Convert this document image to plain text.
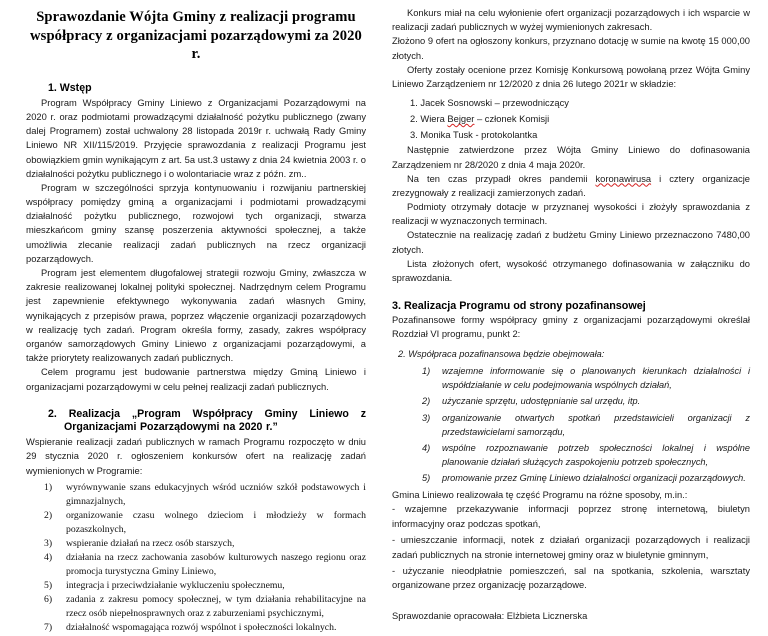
Sprawozdanie Wójta Gminy z realizacji programu współpracy z organizacjami pozarządowymi za 2020 r.
1. Wstęp

Program Współpracy Gminy Liniewo z Organizacjami Pozarządowymi na 2020 r. oraz podmiotami prowadzącymi działalność pożytku publicznego (zwany dalej Programem) został uchwalony 28 listopada 2019r r. uchwałą Rady Gminy Liniewo NR XII/115/2019. Przyjęcie sprawozdania z realizacji Programu jest obowiązkiem gmin wynikającym z art. 5a ust.3 ustawy z dnia 24 kwietnia 2003 r. o działalności pożytku publicznego i o wolontariacie wraz z późn. zm..

Program w szczególności sprzyja kontynuowaniu i rozwijaniu partnerskiej współpracy pomiędzy gminą a organizacjami i podmiotami prowadzącymi działalność pożytku publicznego, rozwojowi tych organizacji, stwarza mieszkańcom gminy szansę poszerzenia aktywności społecznej, a także umożliwia zlecanie realizacji zadań publicznych na rzecz organizacji pozarządowych.

Program jest elementem długofalowej strategii rozwoju Gminy, zwłaszcza w zakresie realizowanej lokalnej polityki społecznej. Nadrzędnym celem Programu jest zapewnienie efektywnego wykonywania zadań własnych Gminy, wynikających z przepisów prawa, poprzez włączenie organizacji pozarządowych w realizację tych zadań. Program określa formy, zasady, zakres współpracy organów samorządowych Gminy Liniewo z organizacjami pozarządowymi, a także priorytety realizowanych zadań publicznych.

Celem programu jest budowanie partnerstwa między Gminą Liniewo i organizacjami pozarządowymi w celu pełnej realizacji zadań publicznych.

2. Realizacja „Program Współpracy Gminy Liniewo z Organizacjami Pozarządowymi na 2020 r.”

Wspieranie realizacji zadań publicznych w ramach Programu rozpoczęto w dniu 29 stycznia 2020 r. ogłoszeniem konkursów ofert na realizację zadań wymienionych w Programie:

wyrównywanie szans edukacyjnych wśród uczniów szkół podstawowych i gimnazjalnych,
organizowanie czasu wolnego dzieciom i młodzieży w formach pozaszkolnych,
wspieranie działań na rzecz osób starszych,
działania na rzecz zachowania zasobów kulturowych naszego regionu oraz promocja turystyczna Gminy Liniewo,
integracja i przeciwdziałanie wykluczeniu społecznemu,
zadania z zakresu pomocy społecznej, w tym działania rehabilitacyjne na rzecz osób niepełnosprawnych oraz z zaburzeniami psychicznymi,
działalność wspomagająca rozwój wspólnot i społeczności lokalnych.

Konkurs miał na celu wyłonienie ofert organizacji pozarządowych i ich wsparcie w realizacji zadań publicznych w wyżej wymienionych zakresach.

Złożono 9 ofert na ogłoszony konkurs, przyznano dotację w sumie na kwotę 15 000,00 złotych.

Oferty zostały ocenione przez Komisję Konkursową powołaną przez Wójta Gminy Liniewo Zarządzeniem nr 12/2020 z dnia 26 lutego 2021r w składzie:

1. Jacek Sosnowski – przewodniczący
2. Wiera Bejger – członek Komisji
3. Monika Tusk - protokolantka

Następnie zatwierdzone przez Wójta Gminy Liniewo do dofinasowania Zarządzeniem nr 28/2020 z dnia 4 maja 2020r.

Na ten czas przypadł okres pandemii koronawirusa i cztery organizacje zrezygnowały z realizacji zamierzonych zadań.

Podmioty otrzymały dotacje w przyznanej wysokości i złożyły sprawozdania z realizacji w wyznaczonych terminach.

Ostatecznie na realizację zadań z budżetu Gminy Liniewo przeznaczono 7480,00 złotych.

Lista złożonych ofert, wysokość otrzymanego dofinasowania w załączniku do sprawozdania.

3. Realizacja Programu od strony pozafinansowej

Pozafinansowe formy współpracy gminy z organizacjami pozarządowymi określał Rozdział VI programu, punkt 2:

2. Współpraca pozafinansowa będzie obejmowała:

wzajemne informowanie się o planowanych kierunkach działalności i współdziałanie w celu podejmowania wspólnych działań,
użyczanie sprzętu, udostępnianie sal urzędu, itp.
organizowanie otwartych spotkań przedstawicieli organizacji z przedstawicielami samorządu,
wspólne rozpoznawanie potrzeb społeczności lokalnej i wspólne planowanie działań służących zaspokojeniu potrzeb społecznych,
promowanie przez Gminę Liniewo działalności organizacji pozarządowych.

Gmina Liniewo realizowała tę część Programu na różne sposoby, m.in.:

- wzajemne przekazywanie informacji poprzez stronę internetową, biuletyn informacyjny oraz podczas spotkań,

- umieszczanie informacji, notek z działań organizacji pozarządowych i realizacji zadań publicznych na stronie internetowej gminy oraz w biuletynie gminnym,

- użyczanie nieodpłatnie pomieszczeń, sal na spotkania, szkolenia, warsztaty organizowane przez organizację pozarządowe.

Sprawozdanie opracowała: Elżbieta Licznerska
